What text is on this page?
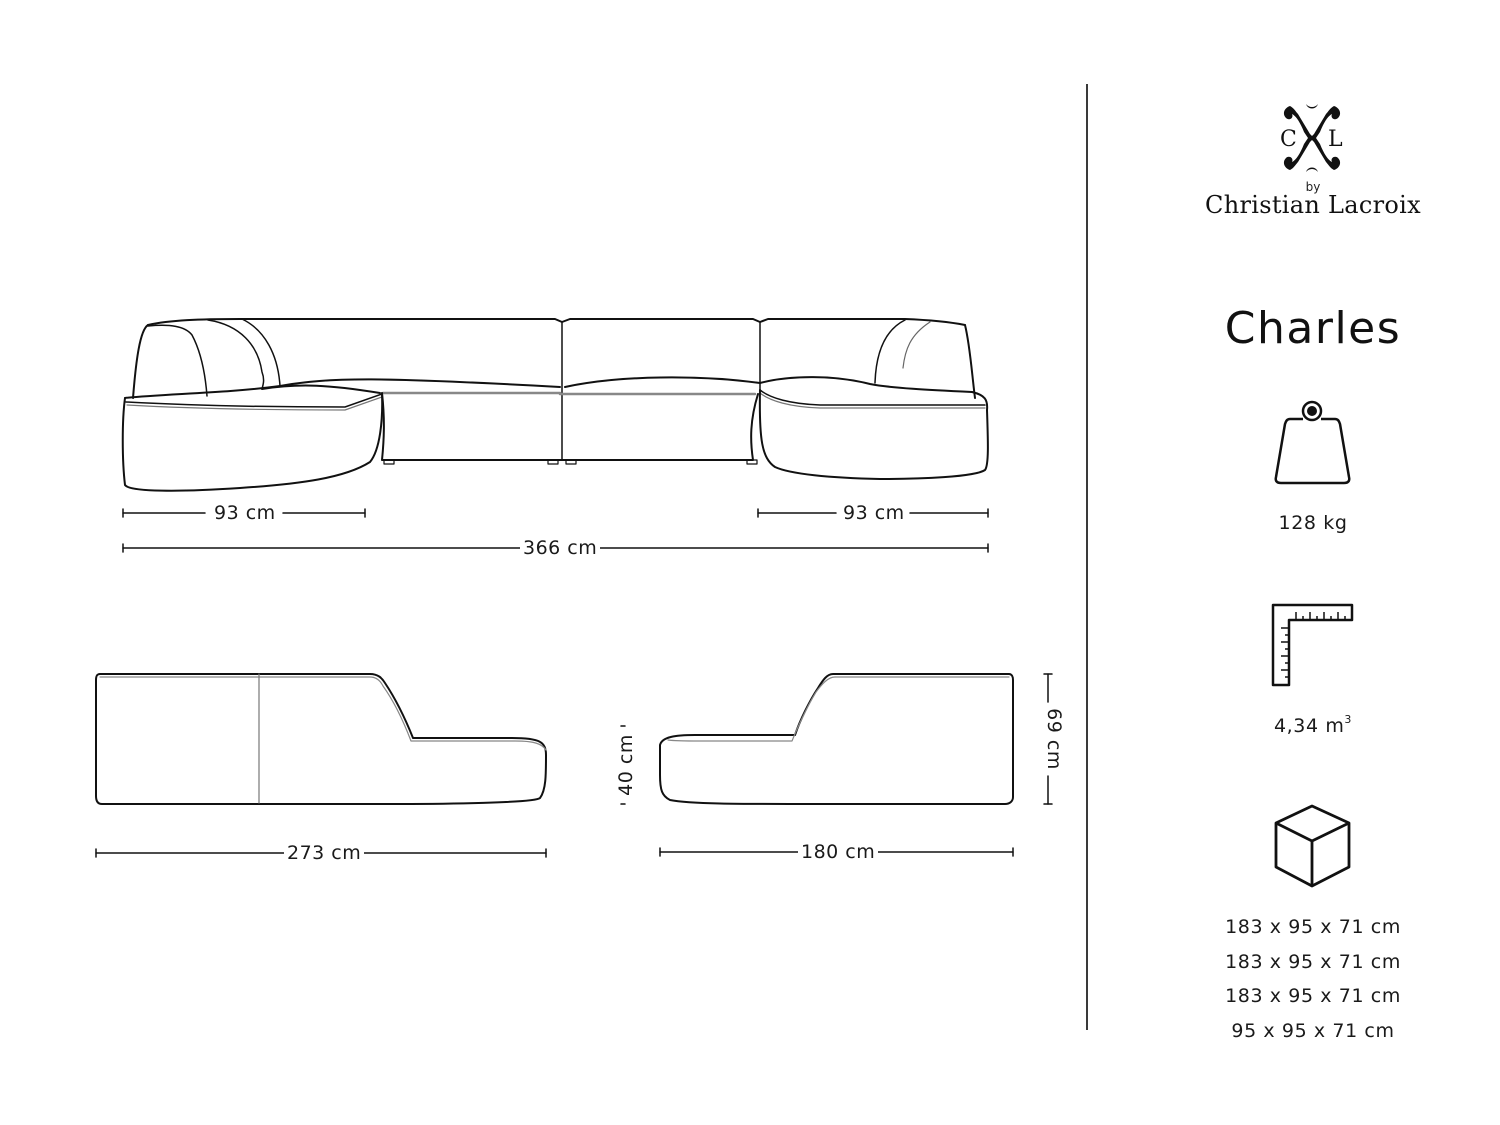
93 cm	93 cm
366 cm
273 cm	180 cm
40 cm	69 cm
C L
by
Christian Lacroix
Charles
128 kg
4,34 $m^3$
183 x 95 x 71 cm
183 x 95 x 71 cm
183 x 95 x 71 cm
95 x 95 x 71 cm
